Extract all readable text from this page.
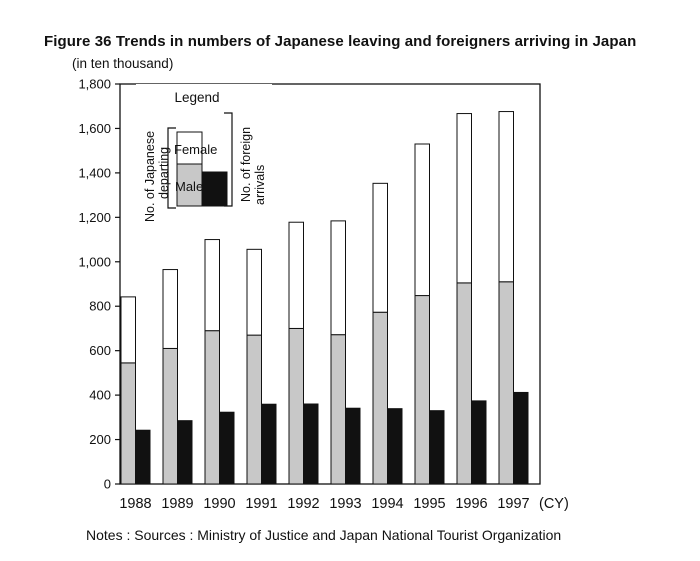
Figure 36 Trends in numbers of Japanese leaving and foreigners arriving in Japan
(in ten thousand)
0
200
400
600
800
1,000
1,200
1,400
1,600
1,800
1988 1989 1990 1991 1992 1993 1994 1995 1996 1997 (CY)
Legend
Female
Male
No. of Japanese departing	No. of foreign arrivals
Notes : Sources : Ministry of Justice and Japan National Tourist Organization
